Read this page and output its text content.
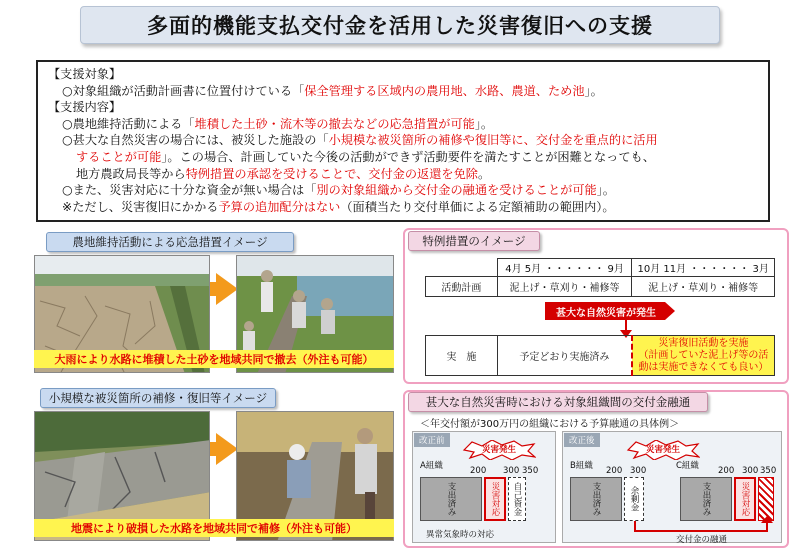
多面的機能支払交付金を活用した災害復旧への支援
【支援対象】
○対象組織が活動計画書に位置付けている「保全管理する区域内の農用地、水路、農道、ため池」。
【支援内容】
○農地維持活動による「堆積した土砂・流木等の撤去などの応急措置が可能」。
○甚大な自然災害の場合には、被災した施設の「小規模な被災箇所の補修や復旧等に、交付金を重点的に活用
することが可能」。この場合、計画していた今後の活動ができず活動要件を満たすことが困難となっても、
地方農政局長等から特例措置の承認を受けることで、交付金の返還を免除。
○また、災害対応に十分な資金が無い場合は「別の対象組織から交付金の融通を受けることが可能」。
※ただし、災害復旧にかかる予算の追加配分はない（面積当たり交付単価による定額補助の範囲内）。
農地維持活動による応急措置イメージ
大雨により水路に堆積した土砂を地域共同で撤去（外注も可能）
小規模な被災箇所の補修・復旧等イメージ
地震により破損した水路を地域共同で補修（外注も可能）
特例措置のイメージ
	4月 5月 ・・・・・・ 9月	10月 11月 ・・・・・・ 3月
活動計画	泥上げ・草刈り・補修等	泥上げ・草刈り・補修等
甚大な自然災害が発生
実　施	予定どおり実施済み	
災害復旧活動を実施
（計画していた泥上げ等の活
動は実施できなくても良い）
甚大な自然災害時における対象組織間の交付金融通
＜年交付額が300万円の組織における予算融通の具体例＞
改正前
災害発生
A組織	200 300 350
支出済み	災害対応 自己資金
異常気象時の対応
改正後
災害発生
B組織 200 300
支出済み	余剰金
C組織 200 300 350
支出済み	災害対応
交付金の融通
